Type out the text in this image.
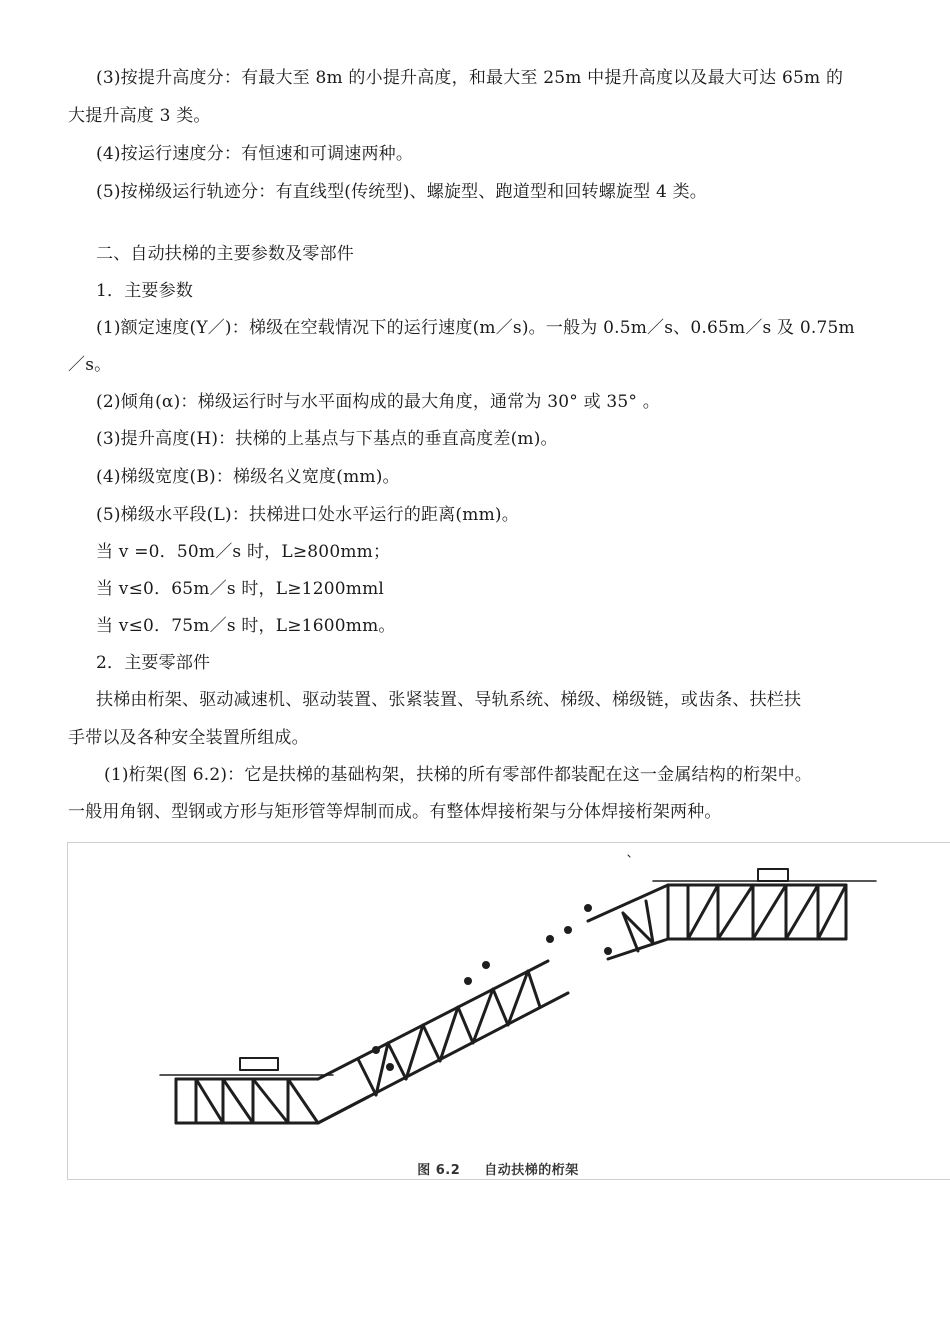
(3)按提升高度分：有最大至 8m 的小提升高度，和最大至 25m 中提升高度以及最大可达 65m 的
大提升高度 3 类。
(4)按运行速度分：有恒速和可调速两种。
(5)按梯级运行轨迹分：有直线型(传统型)、螺旋型、跑道型和回转螺旋型 4 类。
二、自动扶梯的主要参数及零部件
1．主要参数
(1)额定速度(Y／)：梯级在空载情况下的运行速度(m／s)。一般为 0.5m／s、0.65m／s 及 0.75m
／s。
(2)倾角(α)：梯级运行时与水平面构成的最大角度，通常为 30° 或 35° 。
(3)提升高度(H)：扶梯的上基点与下基点的垂直高度差(m)。
(4)梯级宽度(B)：梯级名义宽度(mm)。
(5)梯级水平段(L)：扶梯进口处水平运行的距离(mm)。
当 v =0．50m／s 时，L≥800mm；
当 v≤0．65m／s 时，L≥1200mml
当 v≤0．75m／s 时，L≥1600mm。
2．主要零部件
扶梯由桁架、驱动减速机、驱动装置、张紧装置、导轨系统、梯级、梯级链，或齿条、扶栏扶
手带以及各种安全装置所组成。
(1)桁架(图 6.2)：它是扶梯的基础构架，扶梯的所有零部件都装配在这一金属结构的桁架中。
一般用角钢、型钢或方形与矩形管等焊制而成。有整体焊接桁架与分体焊接桁架两种。
图 6.2 自动扶梯的桁架
